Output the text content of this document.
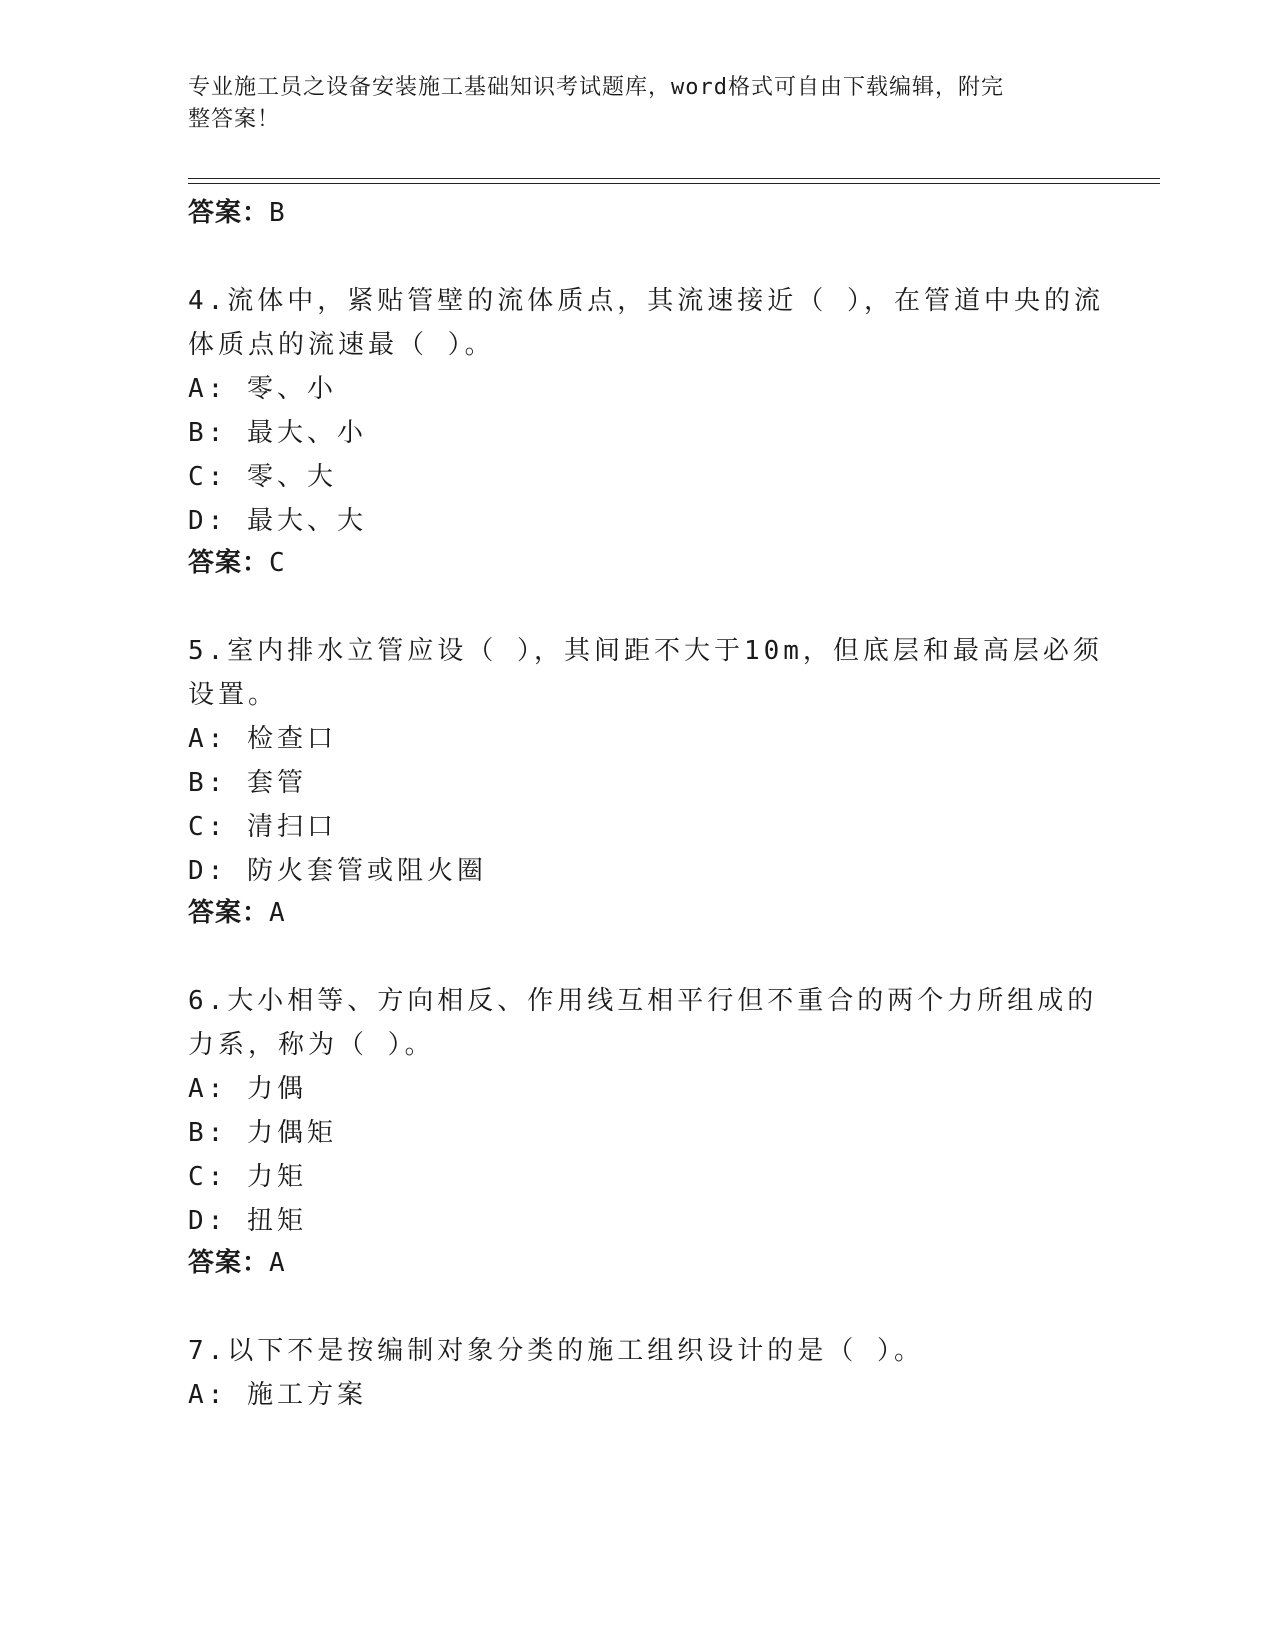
专业施工员之设备安装施工基础知识考试题库，word格式可自由下载编辑，附完
整答案！
答案：B
4.流体中，紧贴管壁的流体质点，其流速接近（ ），在管道中央的流
体质点的流速最（ ）。
A: 零、小
B: 最大、小
C: 零、大
D: 最大、大
答案：C
5.室内排水立管应设（ ），其间距不大于10m，但底层和最高层必须
设置。
A: 检查口
B: 套管
C: 清扫口
D: 防火套管或阻火圈
答案：A
6.大小相等、方向相反、作用线互相平行但不重合的两个力所组成的
力系，称为（ ）。
A: 力偶
B: 力偶矩
C: 力矩
D: 扭矩
答案：A
7.以下不是按编制对象分类的施工组织设计的是（ ）。
A: 施工方案
